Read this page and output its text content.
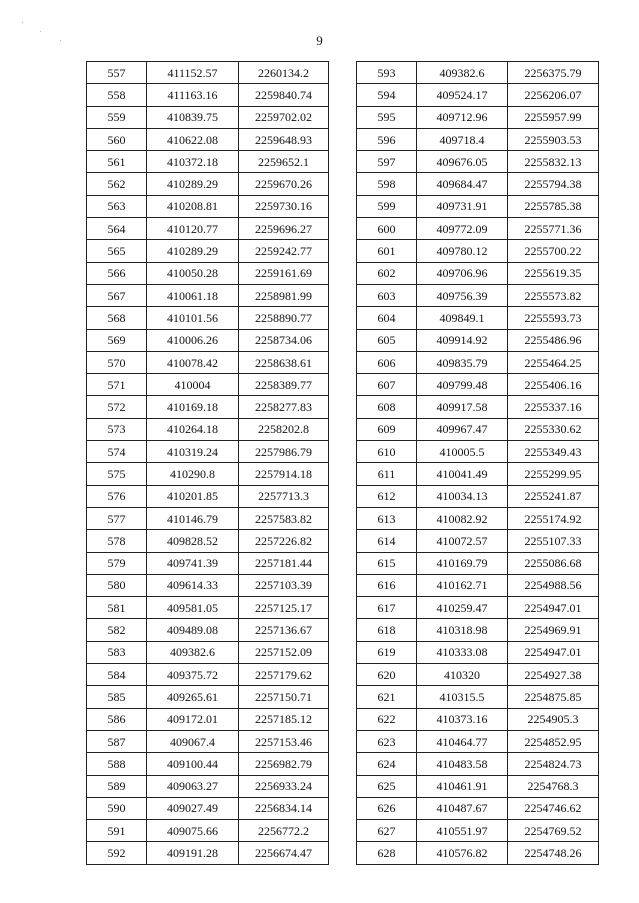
9
557	411152.57	2260134.2
558	411163.16	2259840.74
559	410839.75	2259702.02
560	410622.08	2259648.93
561	410372.18	2259652.1
562	410289.29	2259670.26
563	410208.81	2259730.16
564	410120.77	2259696.27
565	410289.29	2259242.77
566	410050.28	2259161.69
567	410061.18	2258981.99
568	410101.56	2258890.77
569	410006.26	2258734.06
570	410078.42	2258638.61
571	410004	2258389.77
572	410169.18	2258277.83
573	410264.18	2258202.8
574	410319.24	2257986.79
575	410290.8	2257914.18
576	410201.85	2257713.3
577	410146.79	2257583.82
578	409828.52	2257226.82
579	409741.39	2257181.44
580	409614.33	2257103.39
581	409581.05	2257125.17
582	409489.08	2257136.67
583	409382.6	2257152.09
584	409375.72	2257179.62
585	409265.61	2257150.71
586	409172.01	2257185.12
587	409067.4	2257153.46
588	409100.44	2256982.79
589	409063.27	2256933.24
590	409027.49	2256834.14
591	409075.66	2256772.2
592	409191.28	2256674.47
593	409382.6	2256375.79
594	409524.17	2256206.07
595	409712.96	2255957.99
596	409718.4	2255903.53
597	409676.05	2255832.13
598	409684.47	2255794.38
599	409731.91	2255785.38
600	409772.09	2255771.36
601	409780.12	2255700.22
602	409706.96	2255619.35
603	409756.39	2255573.82
604	409849.1	2255593.73
605	409914.92	2255486.96
606	409835.79	2255464.25
607	409799.48	2255406.16
608	409917.58	2255337.16
609	409967.47	2255330.62
610	410005.5	2255349.43
611	410041.49	2255299.95
612	410034.13	2255241.87
613	410082.92	2255174.92
614	410072.57	2255107.33
615	410169.79	2255086.68
616	410162.71	2254988.56
617	410259.47	2254947.01
618	410318.98	2254969.91
619	410333.08	2254947.01
620	410320	2254927.38
621	410315.5	2254875.85
622	410373.16	2254905.3
623	410464.77	2254852.95
624	410483.58	2254824.73
625	410461.91	2254768.3
626	410487.67	2254746.62
627	410551.97	2254769.52
628	410576.82	2254748.26
